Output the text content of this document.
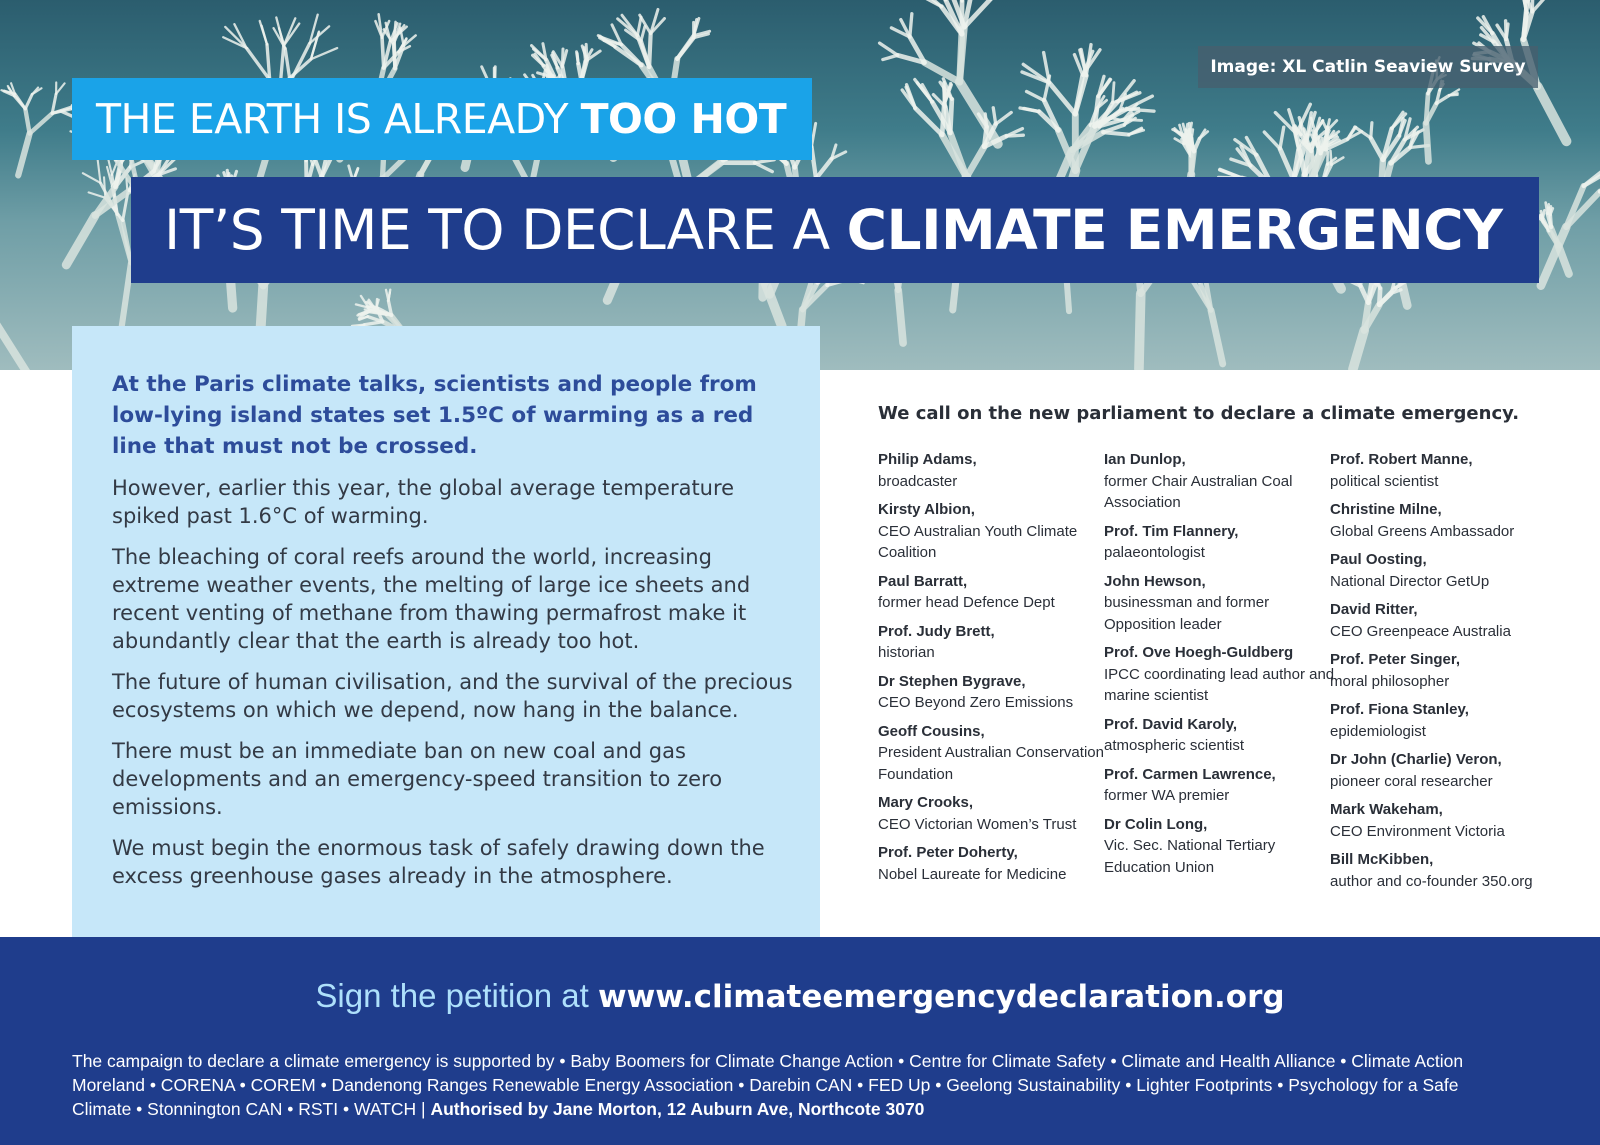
Image: XL Catlin Seaview Survey
THE EARTH IS ALREADY TOO HOT
IT’S TIME TO DECLARE A CLIMATE EMERGENCY

At the Paris climate talks, scientists and people from low-lying island states set 1.5ºC of warming as a red line that must not be crossed.

However, earlier this year, the global average temperature spiked past 1.6°C of warming.

The bleaching of coral reefs around the world, increasing extreme weather events, the melting of large ice sheets and recent venting of methane from thawing permafrost make it abundantly clear that the earth is already too hot.

The future of human civilisation, and the survival of the precious ecosystems on which we depend, now hang in the balance.

There must be an immediate ban on new coal and gas developments and an emergency-speed transition to zero emissions.

We must begin the enormous task of safely drawing down the excess greenhouse gases already in the atmosphere.

We call on the new parliament to declare a climate emergency.

Philip Adams,
broadcaster

Kirsty Albion,
CEO Australian Youth Climate Coalition

Paul Barratt,
former head Defence Dept

Prof. Judy Brett,
historian

Dr Stephen Bygrave,
CEO Beyond Zero Emissions

Geoff Cousins,
President Australian Conservation Foundation

Mary Crooks,
CEO Victorian Women’s Trust

Prof. Peter Doherty,
Nobel Laureate for Medicine

Ian Dunlop,
former Chair Australian Coal Association

Prof. Tim Flannery,
palaeontologist

John Hewson,
businessman and former Opposition leader

Prof. Ove Hoegh-Guldberg
IPCC coordinating lead author and marine scientist

Prof. David Karoly,
atmospheric scientist

Prof. Carmen Lawrence,
former WA premier

Dr Colin Long,
Vic. Sec. National Tertiary Education Union

Prof. Robert Manne,
political scientist

Christine Milne,
Global Greens Ambassador

Paul Oosting,
National Director GetUp

David Ritter,
CEO Greenpeace Australia

Prof. Peter Singer,
moral philosopher

Prof. Fiona Stanley,
epidemiologist

Dr John (Charlie) Veron,
pioneer coral researcher

Mark Wakeham,
CEO Environment Victoria

Bill McKibben,
author and co-founder 350.org

Sign the petition at www.climateemergencydeclaration.org
The campaign to declare a climate emergency is supported by • Baby Boomers for Climate Change Action • Centre for Climate Safety • Climate and Health Alliance • Climate Action Moreland • CORENA • COREM • Dandenong Ranges Renewable Energy Association • Darebin CAN • FED Up • Geelong Sustainability • Lighter Footprints • Psychology for a Safe Climate • Stonnington CAN • RSTI • WATCH | Authorised by Jane Morton, 12 Auburn Ave, Northcote 3070
